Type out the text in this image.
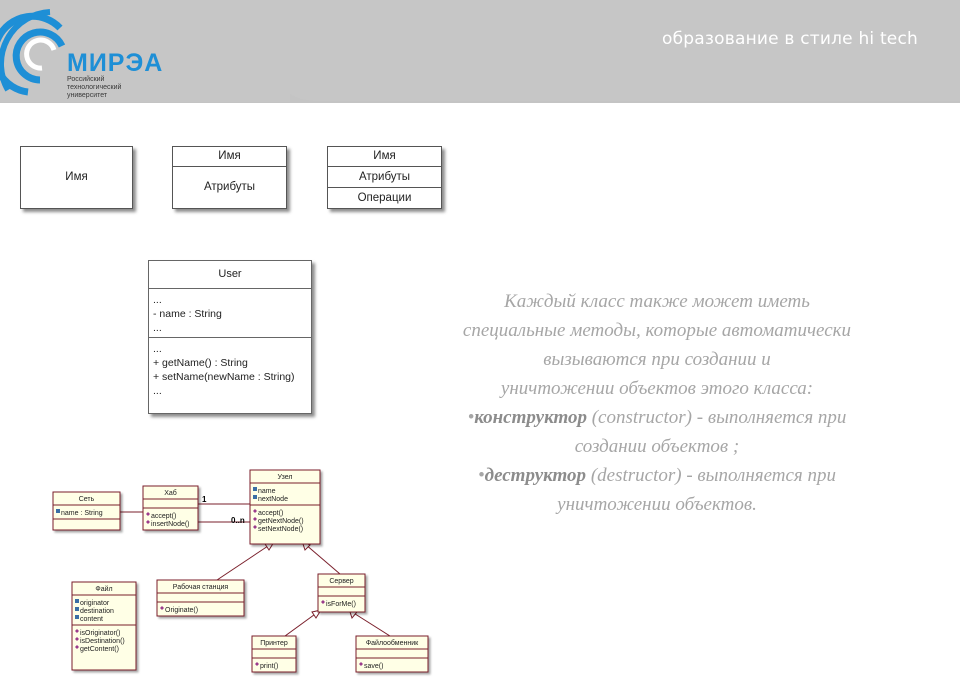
МИРЭА
Российский
технологический
университет
образование в стиле hi tech
Имя
Имя
Атрибуты
Имя
Атрибуты
Операции
User
...
- name : String
...
...
+ getName() : String
+ setName(newName : String)
...
Каждый класс также может иметь
специальные методы, которые автоматически
вызываются при создании и
уничтожении объектов этого класса:
•конструктор (constructor) - выполняется при
создании объектов ;
•деструктор (destructor) - выполняется при
уничтожении объектов.
1
0..n
Сеть
name : String
Хаб
accept()
insertNode()
Узел
name
nextNode
accept()
getNextNode()
setNextNode()
Файл
originator
destination
content
isOriginator()
isDestination()
getContent()
Рабочая станция
Originate()
Сервер
isForMe()
Принтер
print()
Файлообменник
save()
